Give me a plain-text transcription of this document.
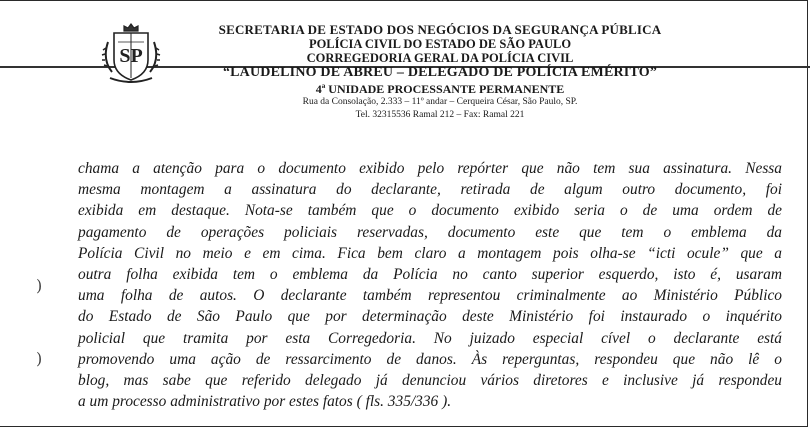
SP
SECRETARIA DE ESTADO DOS NEGÓCIOS DA SEGURANÇA PÚBLICA
POLÍCIA CIVIL DO ESTADO DE SÃO PAULO
CORREGEDORIA GERAL DA POLÍCIA CIVIL
“LAUDELINO DE ABREU – DELEGADO DE POLÍCIA EMÉRITO”
4ª UNIDADE PROCESSANTE PERMANENTE
Rua da Consolação, 2.333 – 11º andar – Cerqueira César, São Paulo, SP.
Tel. 32315536 Ramal 212 – Fax: Ramal 221
chama a atenção para o documento exibido pelo repórter que não tem sua assinatura. Nessa
mesma montagem a assinatura do declarante, retirada de algum outro documento, foi
exibida em destaque. Nota-se também que o documento exibido seria o de uma ordem de
pagamento de operações policiais reservadas, documento este que tem o emblema da
Polícia Civil no meio e em cima. Fica bem claro a montagem pois olha-se “icti ocule” que a
outra folha exibida tem o emblema da Polícia no canto superior esquerdo, isto é, usaram
uma folha de autos. O declarante também representou criminalmente ao Ministério Público
do Estado de São Paulo que por determinação deste Ministério foi instaurado o inquérito
policial que tramita por esta Corregedoria. No juizado especial cível o declarante está
promovendo uma ação de ressarcimento de danos. Às reperguntas, respondeu que não lê o
blog, mas sabe que referido delegado já denunciou vários diretores e inclusive já respondeu
a um processo administrativo por estes fatos ( fls. 335/336 ).
)
)
